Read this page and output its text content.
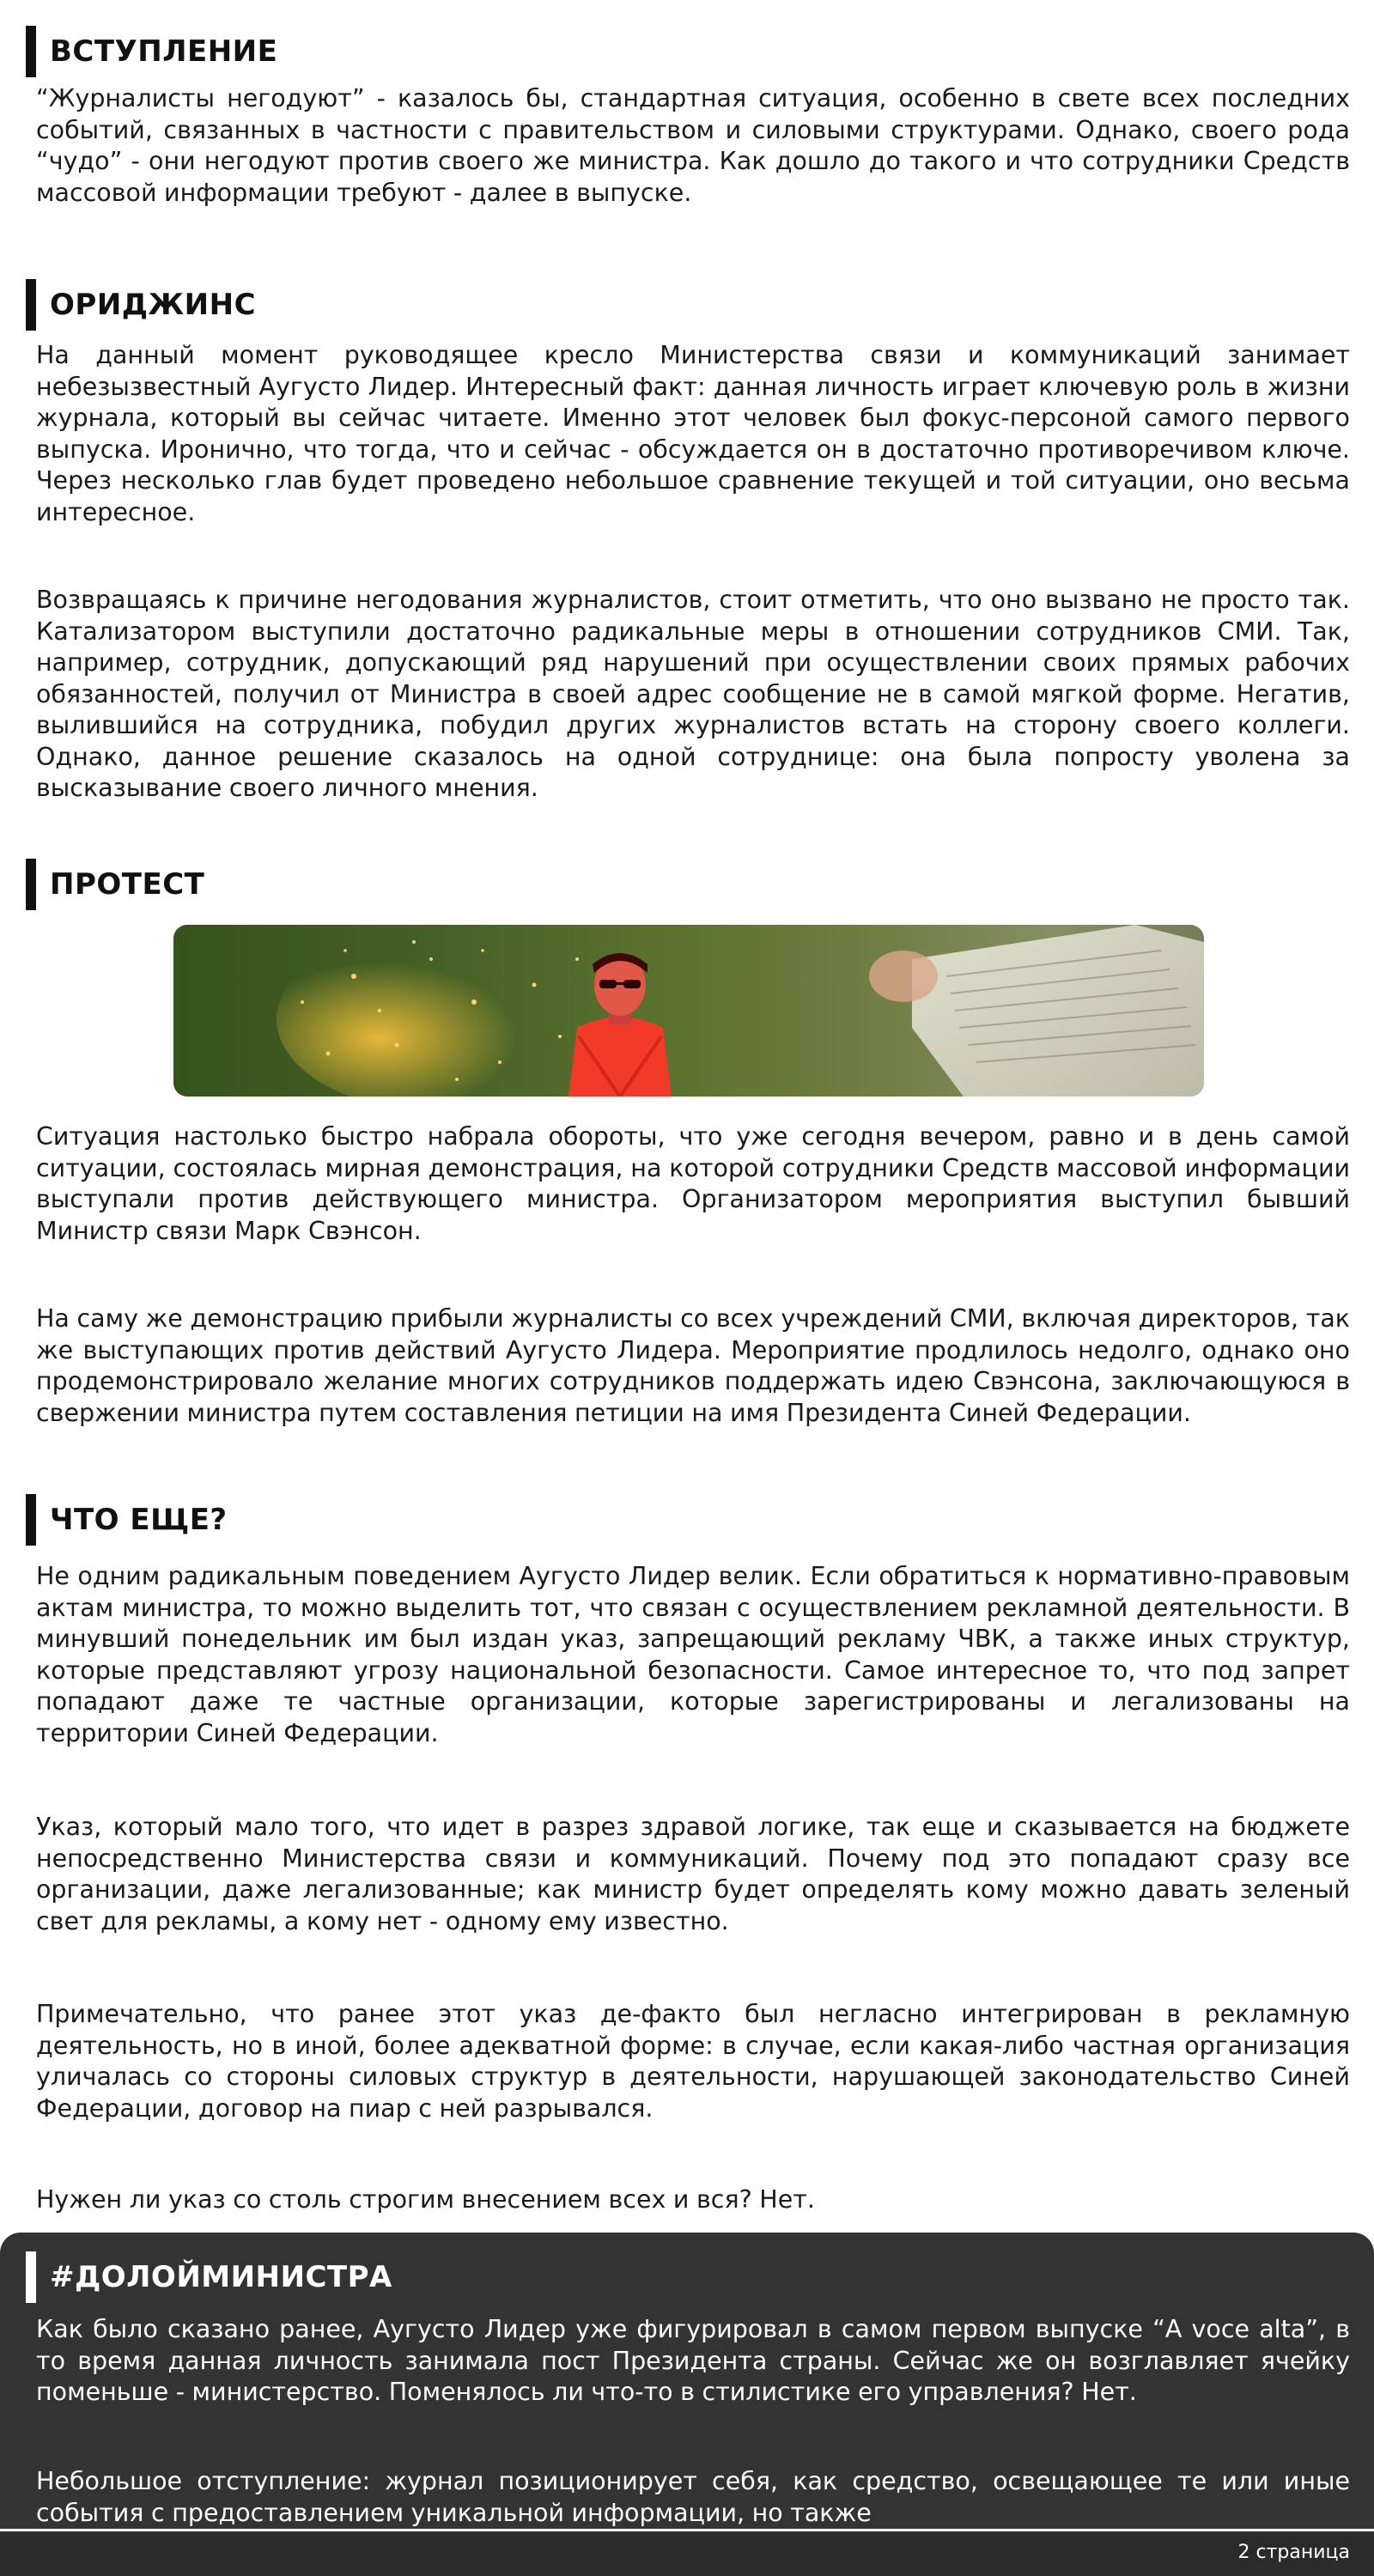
ВСТУПЛЕНИЕ

“Журналисты негодуют” - казалось бы, стандартная ситуация, особенно в свете всех последних событий, связанных в частности с правительством и силовыми структурами. Однако, своего рода “чудо” - они негодуют против своего же министра. Как дошло до такого и что сотрудники Средств массовой информации требуют - далее в выпуске.

ОРИДЖИНС

На данный момент руководящее кресло Министерства связи и коммуникаций занимает небезызвестный Аугусто Лидер. Интересный факт: данная личность играет ключевую роль в жизни журнала, который вы сейчас читаете. Именно этот человек был фокус-персоной самого первого выпуска. Иронично, что тогда, что и сейчас - обсуждается он в достаточно противоречивом ключе. Через несколько глав будет проведено небольшое сравнение текущей и той ситуации, оно весьма интересное.

Возвращаясь к причине негодования журналистов, стоит отметить, что оно вызвано не просто так. Катализатором выступили достаточно радикальные меры в отношении сотрудников СМИ. Так, например, сотрудник, допускающий ряд нарушений при осуществлении своих прямых рабочих обязанностей, получил от Министра в своей адрес сообщение не в самой мягкой форме. Негатив, вылившийся на сотрудника, побудил других журналистов встать на сторону своего коллеги. Однако, данное решение сказалось на одной сотруднице: она была попросту уволена за высказывание своего личного мнения.

ПРОТЕСТ

Ситуация настолько быстро набрала обороты, что уже сегодня вечером, равно и в день самой ситуации, состоялась мирная демонстрация, на которой сотрудники Средств массовой информации выступали против действующего министра. Организатором мероприятия выступил бывший Министр связи Марк Свэнсон.

На саму же демонстрацию прибыли журналисты со всех учреждений СМИ, включая директоров, так же выступающих против действий Аугусто Лидера. Мероприятие продлилось недолго, однако оно продемонстрировало желание многих сотрудников поддержать идею Свэнсона, заключающуюся в свержении министра путем составления петиции на имя Президента Синей Федерации.

ЧТО ЕЩЕ?

Не одним радикальным поведением Аугусто Лидер велик. Если обратиться к нормативно-правовым актам министра, то можно выделить тот, что связан с осуществлением рекламной деятельности. В минувший понедельник им был издан указ, запрещающий рекламу ЧВК, а также иных структур, которые представляют угрозу национальной безопасности. Самое интересное то, что под запрет попадают даже те частные организации, которые зарегистрированы и легализованы на территории Синей Федерации.

Указ, который мало того, что идет в разрез здравой логике, так еще и сказывается на бюджете непосредственно Министерства связи и коммуникаций. Почему под это попадают сразу все организации, даже легализованные; как министр будет определять кому можно давать зеленый свет для рекламы, а кому нет - одному ему известно.

Примечательно, что ранее этот указ де-факто был негласно интегрирован в рекламную деятельность, но в иной, более адекватной форме: в случае, если какая-либо частная организация уличалась со стороны силовых структур в деятельности, нарушающей законодательство Синей Федерации, договор на пиар с ней разрывался.

Нужен ли указ со столь строгим внесением всех и вся? Нет.

#ДОЛОЙМИНИСТРА

Как было сказано ранее, Аугусто Лидер уже фигурировал в самом первом выпуске “A voce alta”, в то время данная личность занимала пост Президента страны. Сейчас же он возглавляет ячейку поменьше - министерство. Поменялось ли что-то в стилистике его управления? Нет.

Небольшое отступление: журнал позиционирует себя, как средство, освещающее те или иные события с предоставлением уникальной информации, но также

2 страница
